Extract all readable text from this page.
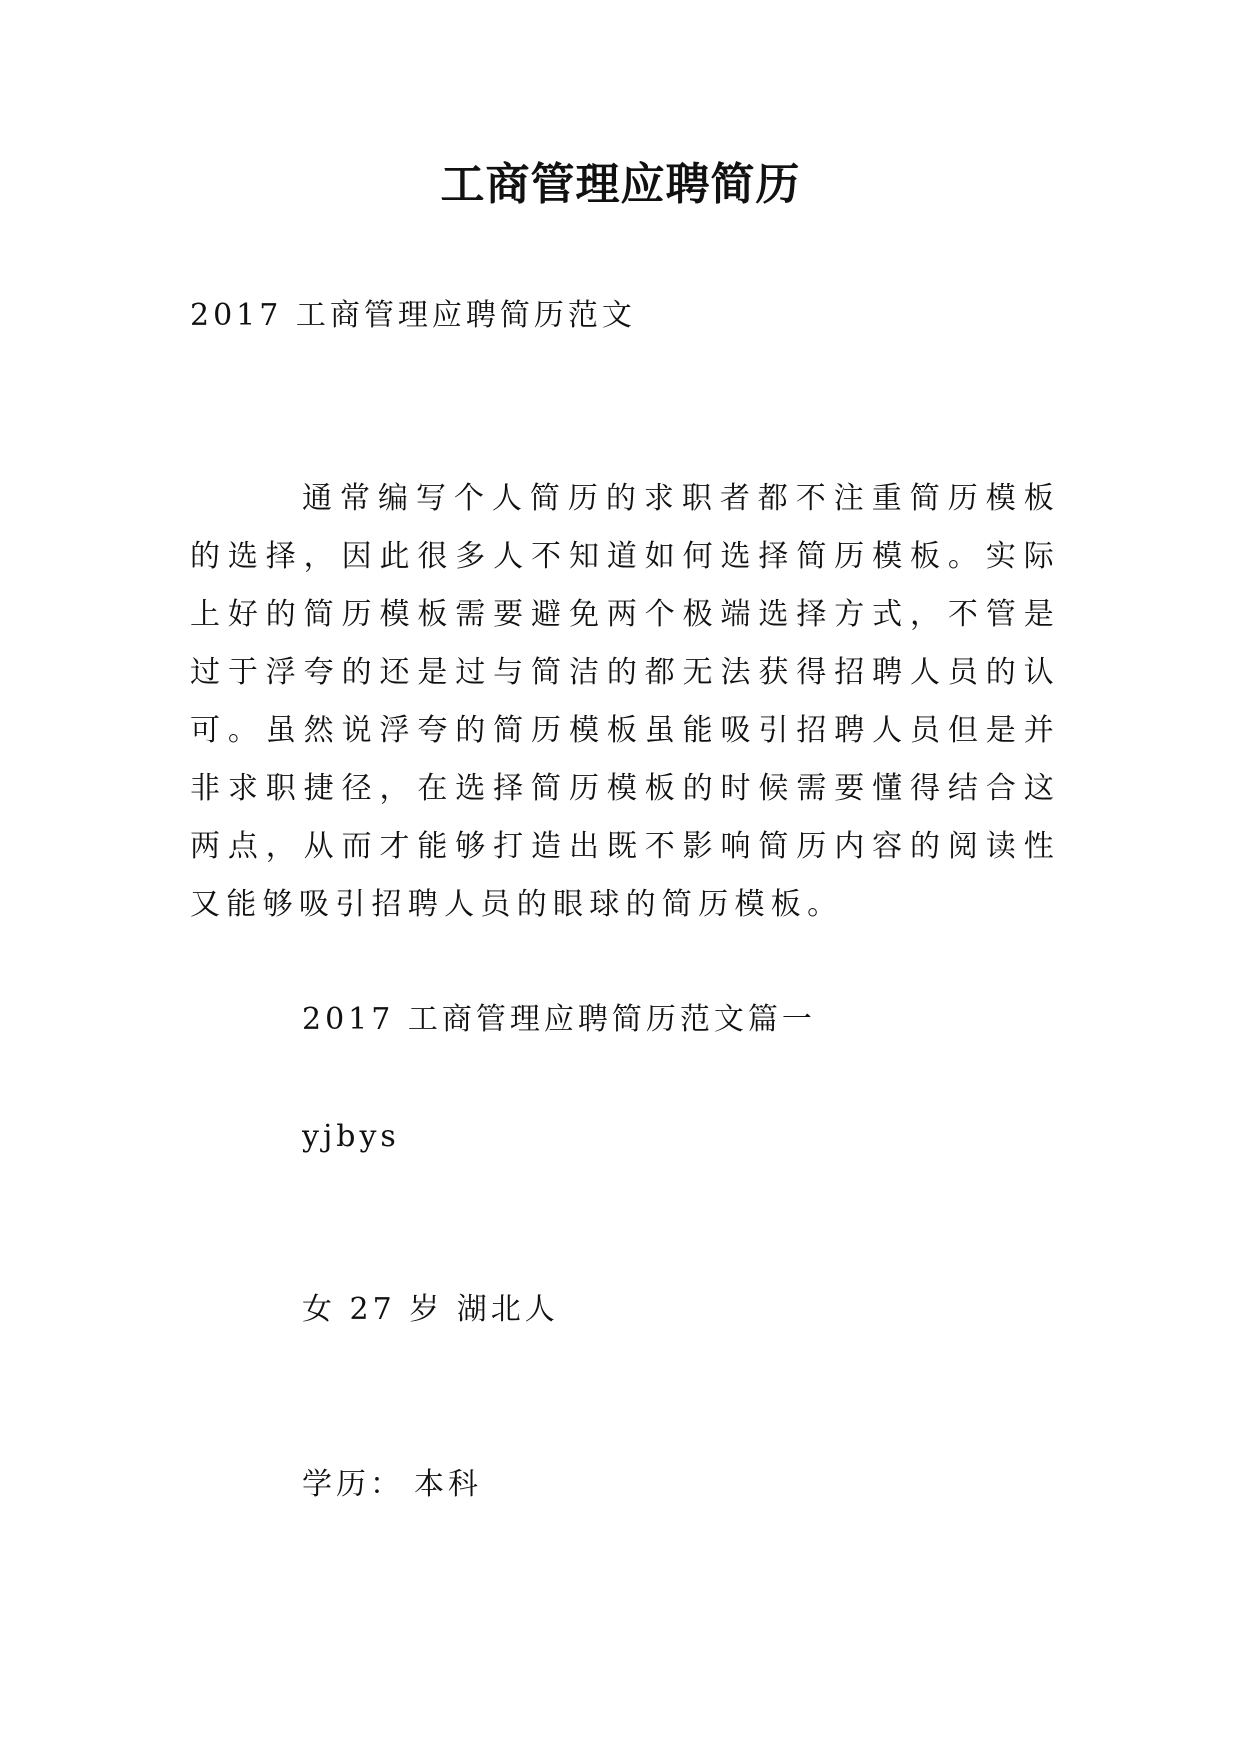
工商管理应聘简历
2017 工商管理应聘简历范文
通常编写个人简历的求职者都不注重简历模板的选择，因此很多人不知道如何选择简历模板。实际上好的简历模板需要避免两个极端选择方式，不管是过于浮夸的还是过与简洁的都无法获得招聘人员的认可。虽然说浮夸的简历模板虽能吸引招聘人员但是并非求职捷径，在选择简历模板的时候需要懂得结合这两点，从而才能够打造出既不影响简历内容的阅读性又能够吸引招聘人员的眼球的简历模板。
2017 工商管理应聘简历范文篇一
yjbys
女 27 岁 湖北人
学历： 本科
